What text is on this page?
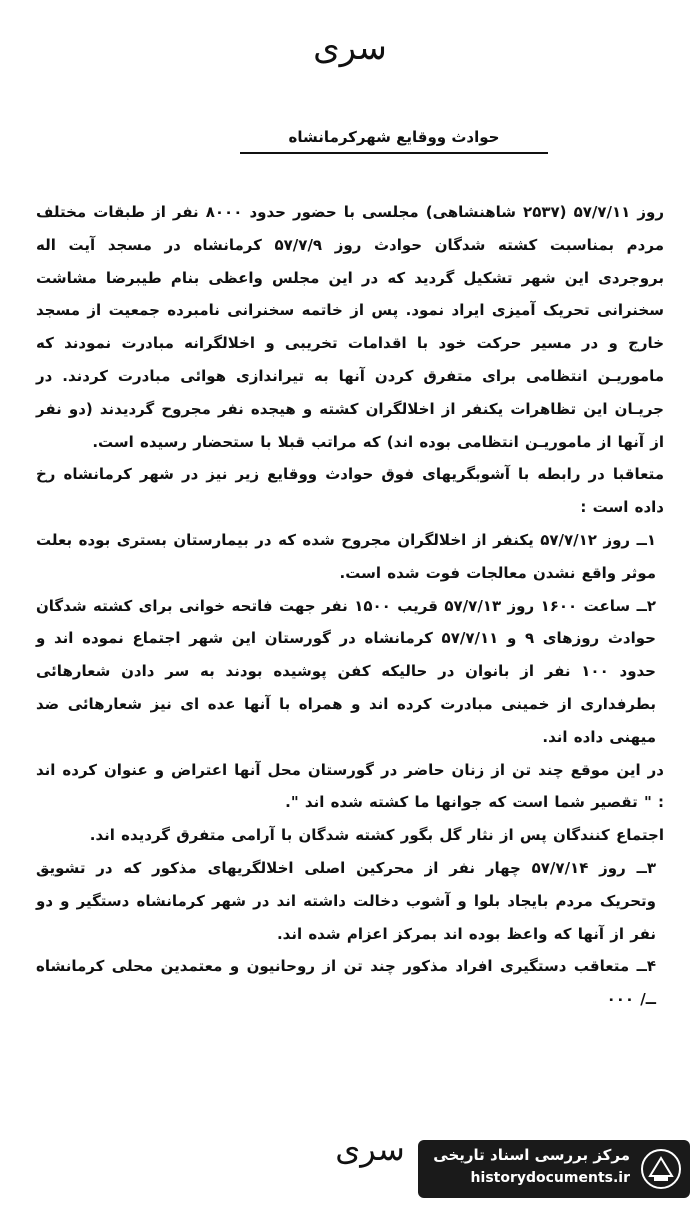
سری
حوادث ووقایع شهرکرمانشاه

روز ۵۷/۷/۱۱ (۲۵۳۷ شاهنشاهی) مجلسی با حضور حدود ۸۰۰۰ نفر از طبقات مختلف مردم بمناسبت کشته شدگان حوادث روز ۵۷/۷/۹ کرمانشاه در مسجد آیت اله بروجردی این شهر تشکیل گردید که در این مجلس واعظی بنام طیبرضا مشاشت سخنرانی تحریک آمیزی ایراد نمود. پس از خاتمه سخنرانی نامبرده جمعیت از مسجد خارج و در مسیر حرکت خود با اقدامات تخریبی و اخلالگرانه مبادرت نمودند که ماموریـن انتظامی برای متفرق کردن آنها به تیراندازی هوائی مبادرت کردند. در جریـان این تظاهرات یکنفر از اخلالگران کشته و هیجده نفر مجروح گردیدند (دو نفر از آنها از ماموریـن انتظامی بوده اند) که مراتب قبلا با ستحضار رسیده است.

متعاقبا در رابطه با آشوبگریهای فوق حوادث ووقایع زیر نیز در شهر کرمانشاه رخ داده است :

۱ــ روز ۵۷/۷/۱۲ یکنفر از اخلالگران مجروح شده که در بیمارستان بستری بوده بعلت موثر واقع نشدن معالجات فوت شده است.

۲ــ ساعت ۱۶۰۰ روز ۵۷/۷/۱۳ قریب ۱۵۰۰ نفر جهت فاتحه خوانی برای کشته شدگان حوادث روزهای ۹ و ۵۷/۷/۱۱ کرمانشاه در گورستان این شهر اجتماع نموده اند و حدود ۱۰۰ نفر از بانوان در حالیکه کفن پوشیده بودند به سر دادن شعارهائی بطرفداری از خمینی مبادرت کرده اند و همراه با آنها عده ای نیز شعارهائی ضد میهنی داده اند.

در این موقع چند تن از زنان حاضر در گورستان محل آنها اعتراض و عنوان کرده اند : " تقصیر شما است که جوانها ما کشته شده اند ".

اجتماع کنندگان پس از نثار گل بگور کشته شدگان با آرامی متفرق گردیده اند.

۳ــ روز ۵۷/۷/۱۴ چهار نفر از محرکین اصلی اخلالگریهای مذکور که در تشویق وتحریک مردم بایجاد بلوا و آشوب دخالت داشته اند در شهر کرمانشاه دستگیر و دو نفر از آنها که واعظ بوده اند بمرکز اعزام شده اند.

۴ــ متعاقب دستگیری افراد مذکور چند تن از روحانیون و معتمدین محلی کرمانشاه ــ/ ۰۰۰

سری	مرکز بررسی اسناد تاریخی
historydocuments.ir
